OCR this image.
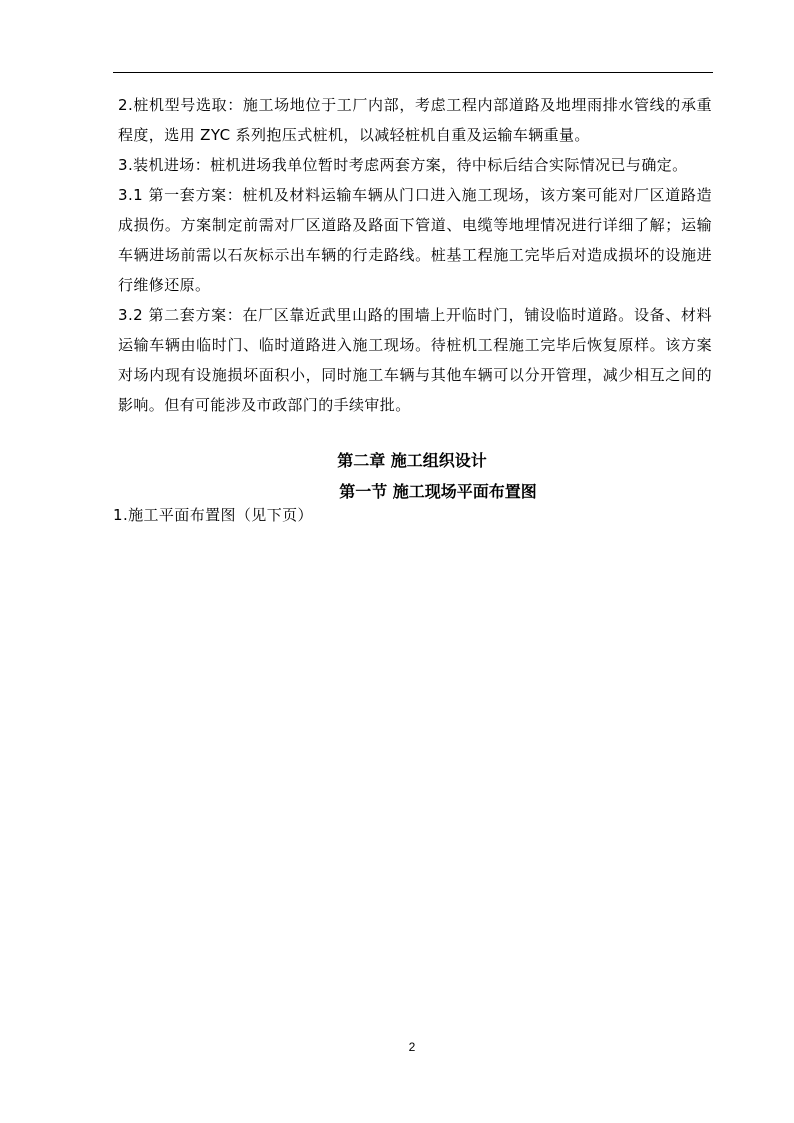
2.桩机型号选取：施工场地位于工厂内部，考虑工程内部道路及地埋雨排水管线的承重程度，选用 ZYC 系列抱压式桩机，以减轻桩机自重及运输车辆重量。

3.装机进场：桩机进场我单位暂时考虑两套方案，待中标后结合实际情况已与确定。

3.1 第一套方案：桩机及材料运输车辆从门口进入施工现场，该方案可能对厂区道路造成损伤。方案制定前需对厂区道路及路面下管道、电缆等地埋情况进行详细了解；运输车辆进场前需以石灰标示出车辆的行走路线。桩基工程施工完毕后对造成损坏的设施进行维修还原。

3.2 第二套方案：在厂区靠近武里山路的围墙上开临时门，铺设临时道路。设备、材料运输车辆由临时门、临时道路进入施工现场。待桩机工程施工完毕后恢复原样。该方案对场内现有设施损坏面积小，同时施工车辆与其他车辆可以分开管理，减少相互之间的影响。但有可能涉及市政部门的手续审批。

第二章 施工组织设计
第一节 施工现场平面布置图
1.施工平面布置图（见下页）
2
